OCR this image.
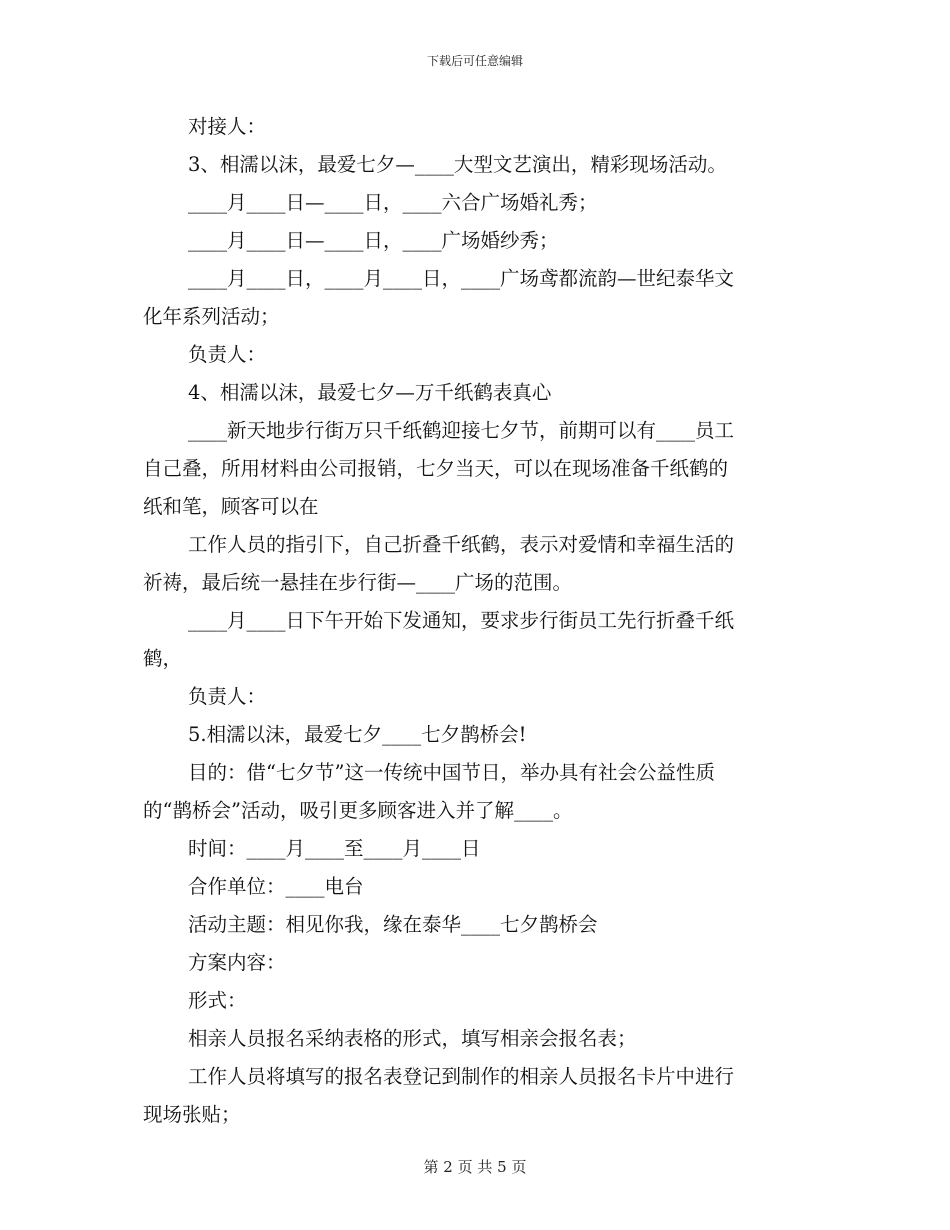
下载后可任意编辑
对接人：
3、相濡以沫，最爱七夕—____大型文艺演出，精彩现场活动。
____月____日—____日，____六合广场婚礼秀；
____月____日—____日，____广场婚纱秀；
____月____日，____月____日，____广场鸢都流韵—世纪泰华文
化年系列活动；
负责人：
4、相濡以沫，最爱七夕—万千纸鹤表真心
____新天地步行街万只千纸鹤迎接七夕节，前期可以有____员工
自己叠，所用材料由公司报销，七夕当天，可以在现场准备千纸鹤的
纸和笔，顾客可以在
工作人员的指引下，自己折叠千纸鹤，表示对爱情和幸福生活的
祈祷，最后统一悬挂在步行街—____广场的范围。
____月____日下午开始下发通知，要求步行街员工先行折叠千纸
鹤，
负责人：
5.相濡以沫，最爱七夕____七夕鹊桥会!
目的：借“七夕节”这一传统中国节日，举办具有社会公益性质
的“鹊桥会”活动，吸引更多顾客进入并了解____。
时间：____月____至____月____日
合作单位：____电台
活动主题：相见你我，缘在泰华____七夕鹊桥会
方案内容：
形式：
相亲人员报名采纳表格的形式，填写相亲会报名表；
工作人员将填写的报名表登记到制作的相亲人员报名卡片中进行
现场张贴；
第 2 页 共 5 页
